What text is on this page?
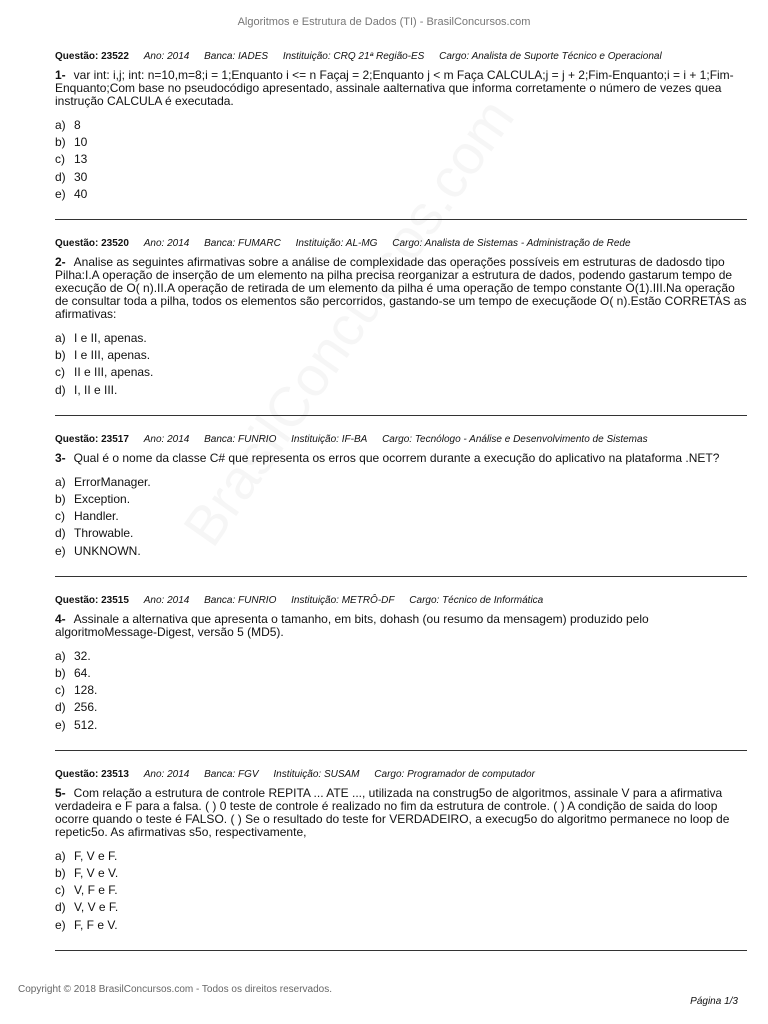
Algoritmos e Estrutura de Dados (TI) - BrasilConcursos.com
Questão: 23522 Ano: 2014 Banca: IADES Instituição: CRQ 21ª Região-ES Cargo: Analista de Suporte Técnico e Operacional
1- var int: i,j; int: n=10,m=8;i = 1;Enquanto i <= n Façaj = 2;Enquanto j < m Faça CALCULA;j = j + 2;Fim-Enquanto;i = i + 1;Fim-Enquanto;Com base no pseudocódigo apresentado, assinale aalternativa que informa corretamente o número de vezes quea instrução CALCULA é executada.
a) 8
b) 10
c) 13
d) 30
e) 40
Questão: 23520 Ano: 2014 Banca: FUMARC Instituição: AL-MG Cargo: Analista de Sistemas - Administração de Rede
2- Analise as seguintes afirmativas sobre a análise de complexidade das operações possíveis em estruturas de dadosdo tipo Pilha:I.A operação de inserção de um elemento na pilha precisa reorganizar a estrutura de dados, podendo gastarum tempo de execução de O( n).II.A operação de retirada de um elemento da pilha é uma operação de tempo constante O(1).III.Na operação de consultar toda a pilha, todos os elementos são percorridos, gastando-se um tempo de execuçãode O( n).Estão CORRETAS as afirmativas:
a) I e II, apenas.
b) I e III, apenas.
c) II e III, apenas.
d) I, II e III.
Questão: 23517 Ano: 2014 Banca: FUNRIO Instituição: IF-BA Cargo: Tecnólogo - Análise e Desenvolvimento de Sistemas
3- Qual é o nome da classe C# que representa os erros que ocorrem durante a execução do aplicativo na plataforma .NET?
a) ErrorManager.
b) Exception.
c) Handler.
d) Throwable.
e) UNKNOWN.
Questão: 23515 Ano: 2014 Banca: FUNRIO Instituição: METRÔ-DF Cargo: Técnico de Informática
4- Assinale a alternativa que apresenta o tamanho, em bits, dohash (ou resumo da mensagem) produzido pelo algoritmoMessage-Digest, versão 5 (MD5).
a) 32.
b) 64.
c) 128.
d) 256.
e) 512.
Questão: 23513 Ano: 2014 Banca: FGV Instituição: SUSAM Cargo: Programador de computador
5- Com relação a estrutura de controle REPITA ... ATE ..., utilizada na construg5o de algoritmos, assinale V para a afirmativa verdadeira e F para a falsa. ( ) 0 teste de controle é realizado no fim da estrutura de controle. ( ) A condição de saida do loop ocorre quando o teste é FALSO. ( ) Se o resultado do teste for VERDADEIRO, a execug5o do algoritmo permanece no loop de repetic5o. As afirmativas s5o, respectivamente,
a) F, V e F.
b) F, V e V.
c) V, F e F.
d) V, V e F.
e) F, F e V.
Copyright © 2018 BrasilConcursos.com - Todos os direitos reservados.
Página 1/3
